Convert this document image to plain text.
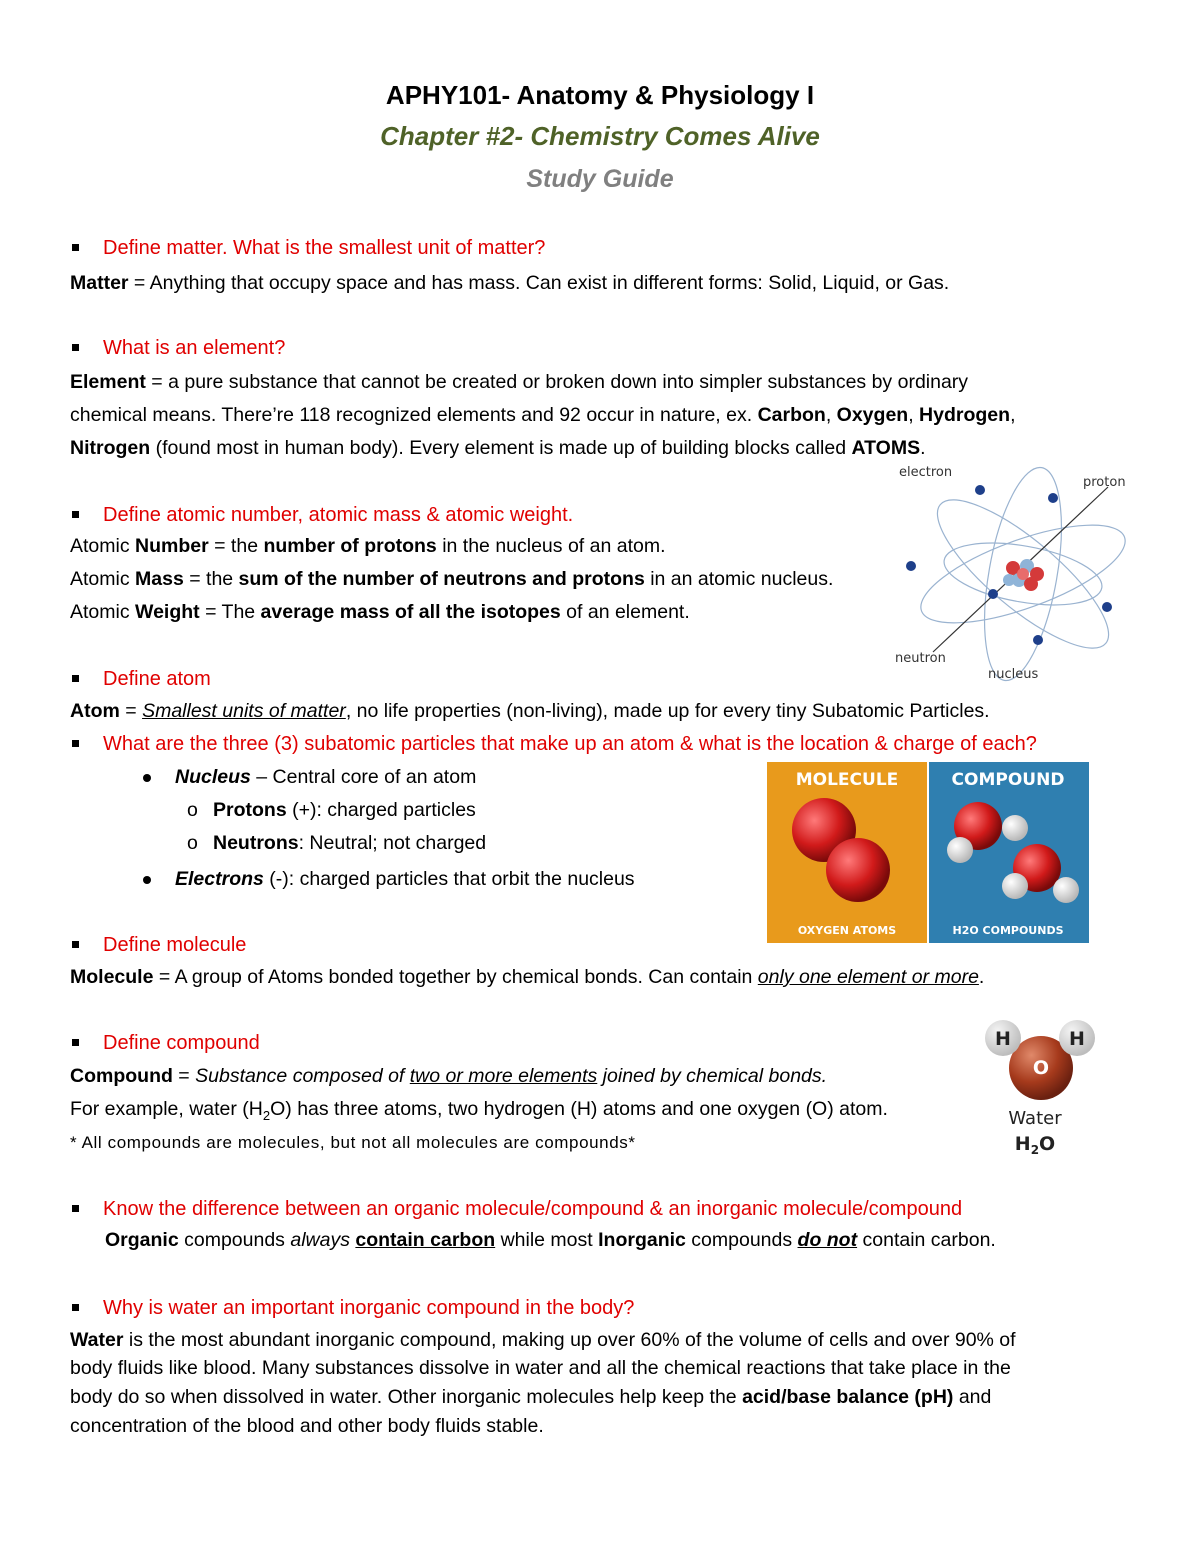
APHY101- Anatomy & Physiology I
Chapter #2- Chemistry Comes Alive
Study Guide
Define matter. What is the smallest unit of matter?
Matter = Anything that occupy space and has mass. Can exist in different forms: Solid, Liquid, or Gas.
What is an element?
Element = a pure substance that cannot be created or broken down into simpler substances by ordinary
chemical means. There’re 118 recognized elements and 92 occur in nature, ex. Carbon, Oxygen, Hydrogen,
Nitrogen (found most in human body). Every element is made up of building blocks called ATOMS.
electron
proton
neutron
nucleus
Define atomic number, atomic mass & atomic weight.
Atomic Number = the number of protons in the nucleus of an atom.
Atomic Mass = the sum of the number of neutrons and protons in an atomic nucleus.
Atomic Weight = The average mass of all the isotopes of an element.
Define atom
Atom = Smallest units of matter, no life properties (non-living), made up for every tiny Subatomic Particles.
What are the three (3) subatomic particles that make up an atom & what is the location & charge of each?
Nucleus – Central core of an atom
o Protons (+): charged particles
o Neutrons: Neutral; not charged
Electrons (-): charged particles that orbit the nucleus
MOLECULE	COMPOUND
OXYGEN ATOMS	H2O COMPOUNDS
Define molecule
Molecule = A group of Atoms bonded together by chemical bonds. Can contain only one element or more.
Define compound
Compound = Substance composed of two or more elements joined by chemical bonds.
For example, water $(H_2O)$ has three atoms, two hydrogen (H) atoms and one oxygen (O) atom.
* All compounds are molecules, but not all molecules are compounds*
H	H
O
Water
$H_2O$
Know the difference between an organic molecule/compound & an inorganic molecule/compound
Organic compounds always contain carbon while most Inorganic compounds do not contain carbon.
Why is water an important inorganic compound in the body?
Water is the most abundant inorganic compound, making up over 60% of the volume of cells and over 90% of
body fluids like blood. Many substances dissolve in water and all the chemical reactions that take place in the
body do so when dissolved in water. Other inorganic molecules help keep the acid/base balance (pH) and
concentration of the blood and other body fluids stable.
